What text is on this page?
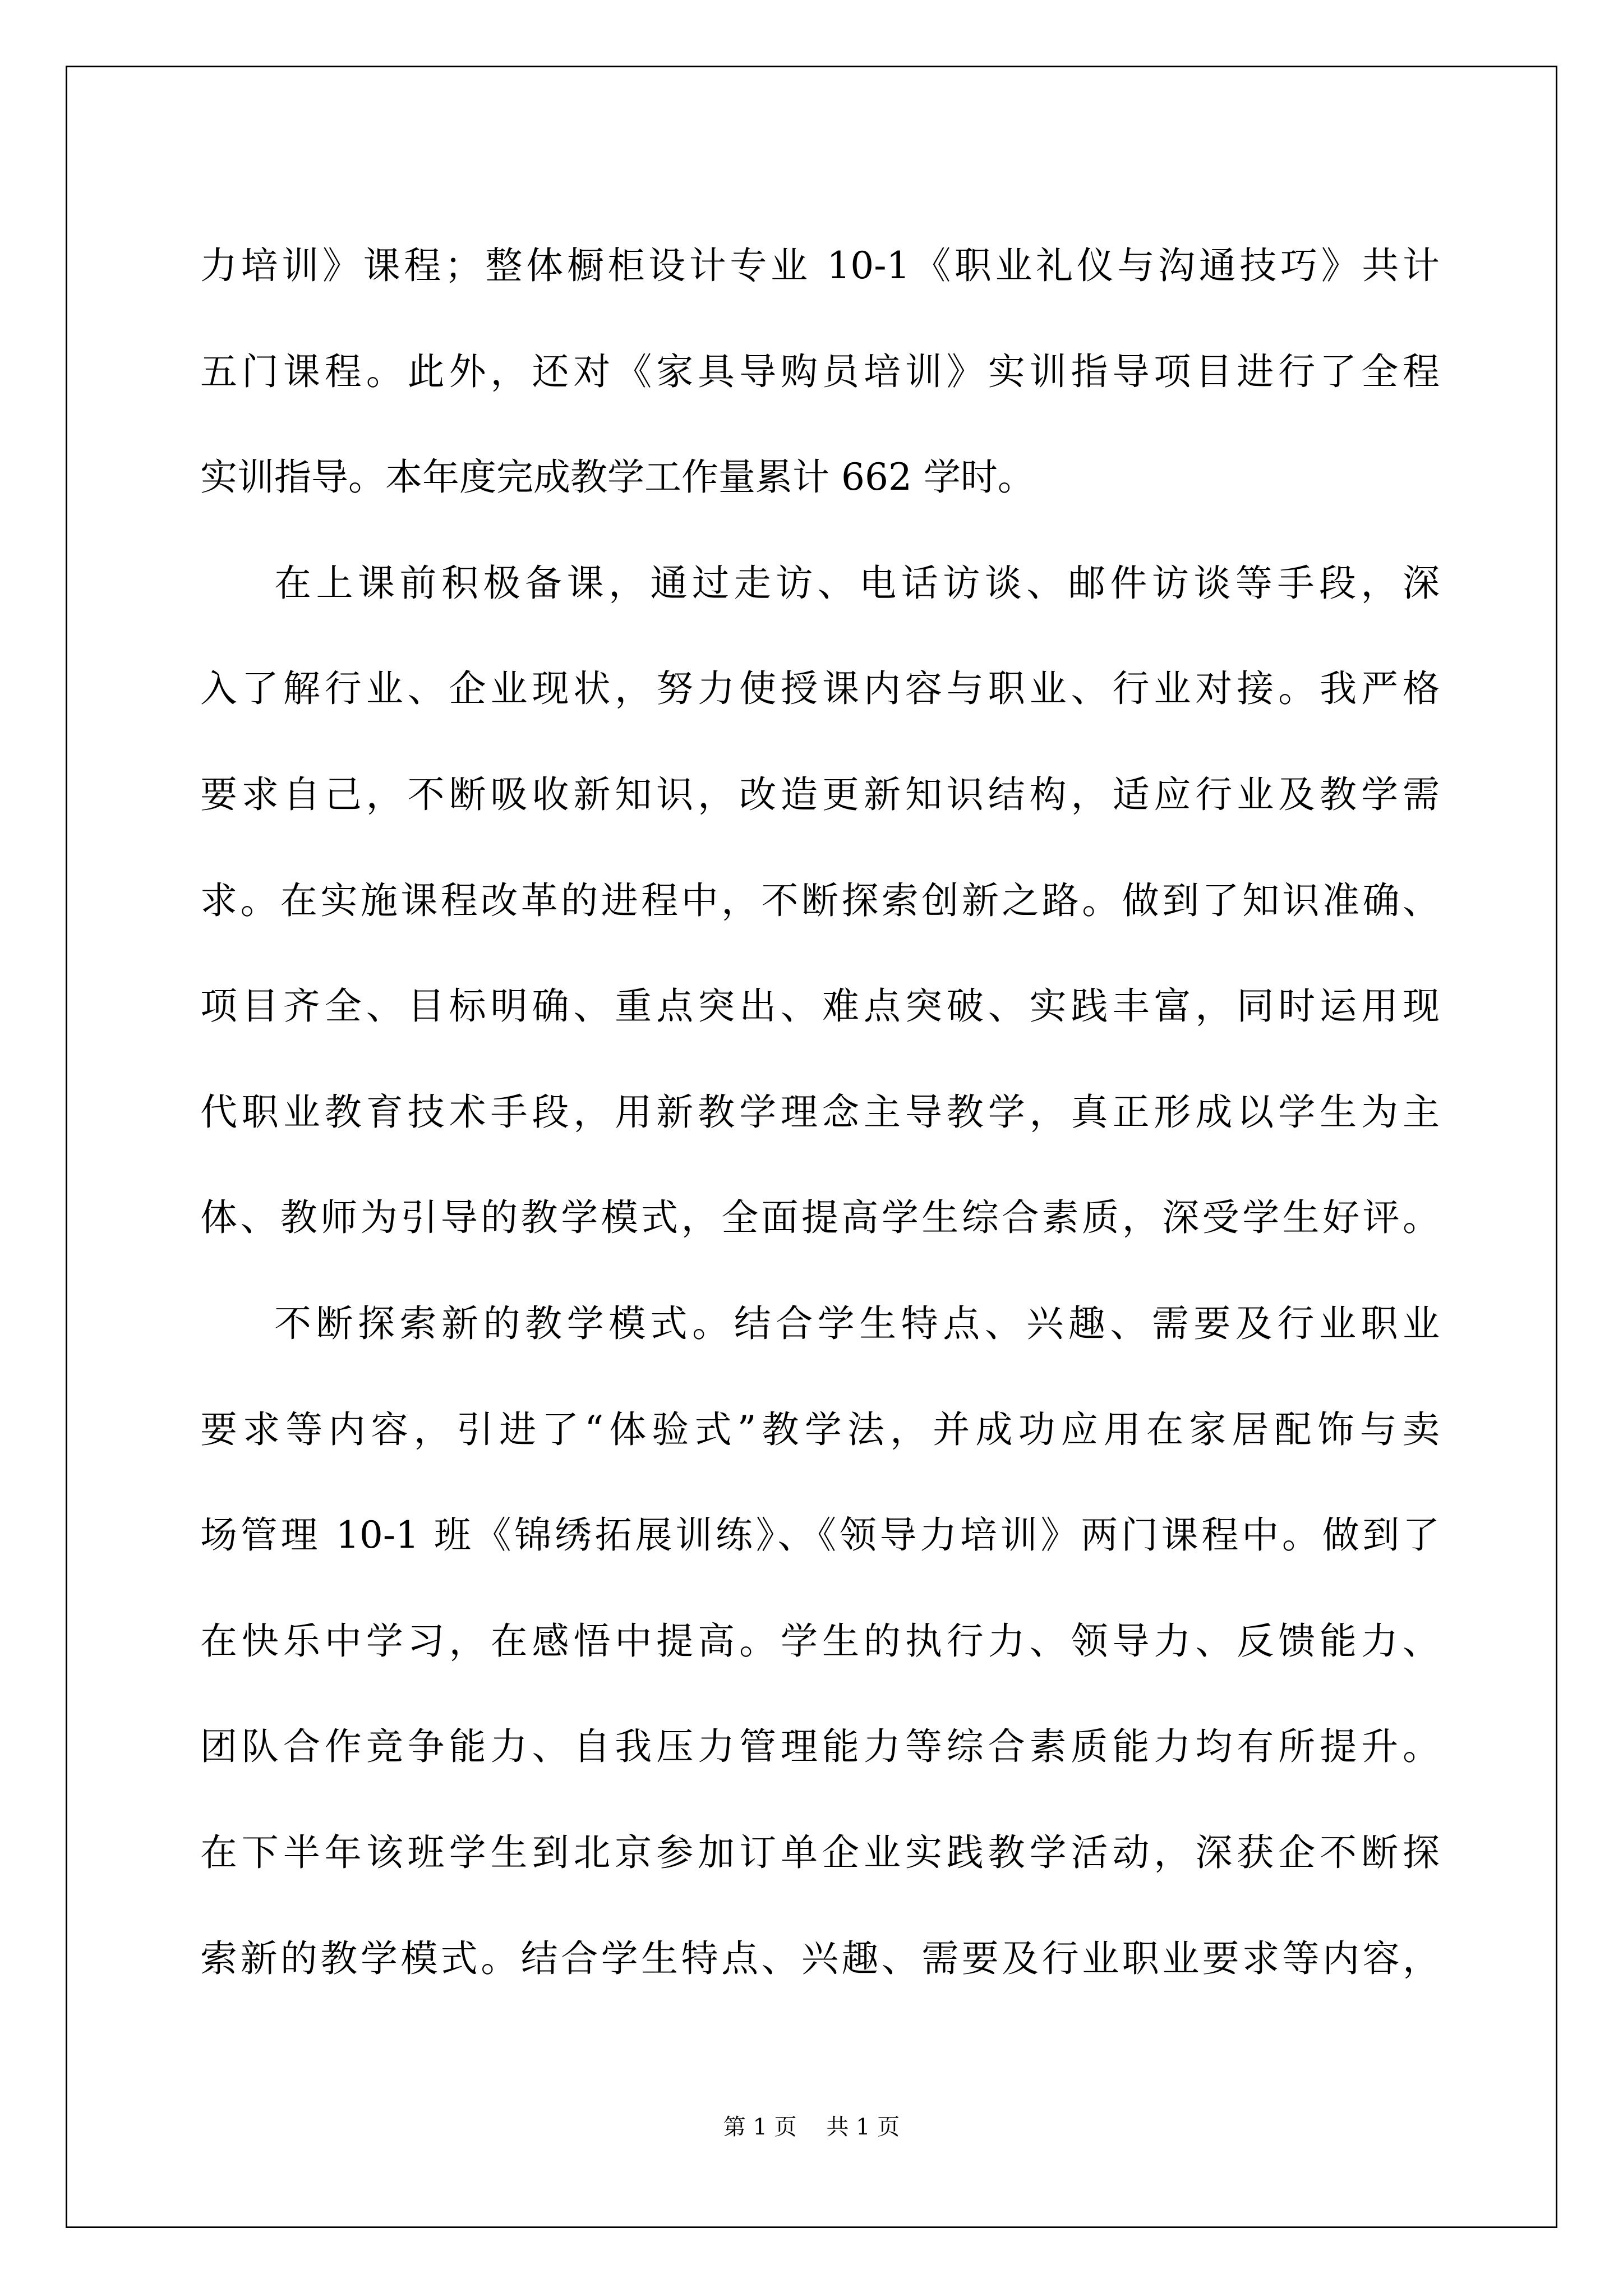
力培训》课程；整体橱柜设计专业 10-1《职业礼仪与沟通技巧》共计
五门课程。此外，还对《家具导购员培训》实训指导项目进行了全程
实训指导。本年度完成教学工作量累计 662 学时。
在上课前积极备课，通过走访、电话访谈、邮件访谈等手段，深
入了解行业、企业现状，努力使授课内容与职业、行业对接。我严格
要求自己，不断吸收新知识，改造更新知识结构，适应行业及教学需
求。在实施课程改革的进程中，不断探索创新之路。做到了知识准确、
项目齐全、目标明确、重点突出、难点突破、实践丰富，同时运用现
代职业教育技术手段，用新教学理念主导教学，真正形成以学生为主
体、教师为引导的教学模式，全面提高学生综合素质，深受学生好评。
不断探索新的教学模式。结合学生特点、兴趣、需要及行业职业
要求等内容，引进了“体验式”教学法，并成功应用在家居配饰与卖
场管理 10-1 班《锦绣拓展训练》、《领导力培训》两门课程中。做到了
在快乐中学习，在感悟中提高。学生的执行力、领导力、反馈能力、
团队合作竞争能力、自我压力管理能力等综合素质能力均有所提升。
在下半年该班学生到北京参加订单企业实践教学活动，深获企不断探
索新的教学模式。结合学生特点、兴趣、需要及行业职业要求等内容，
第 1 页 共 1 页
